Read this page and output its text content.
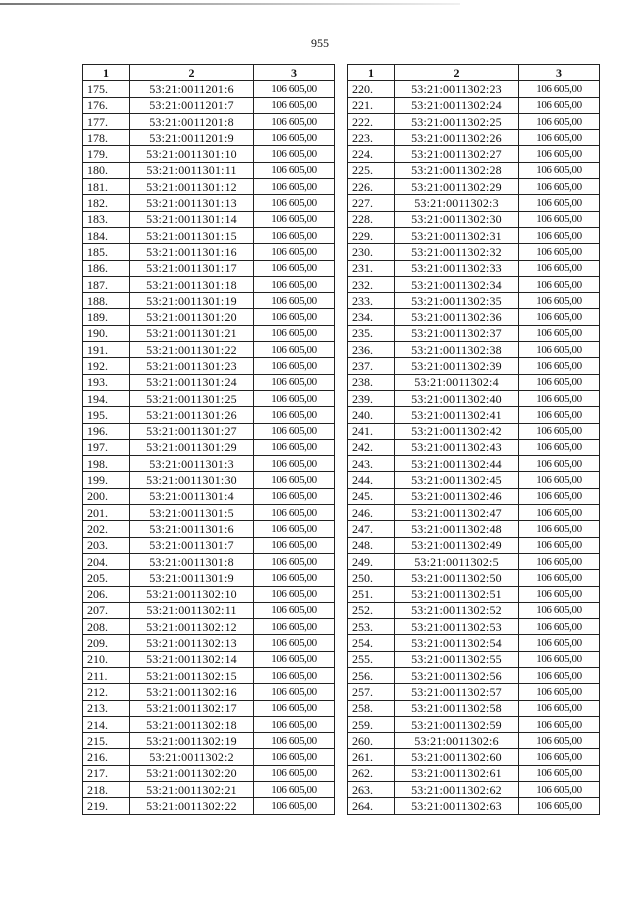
955
1	2	3
175.	53:21:0011201:6	106 605,00
176.	53:21:0011201:7	106 605,00
177.	53:21:0011201:8	106 605,00
178.	53:21:0011201:9	106 605,00
179.	53:21:0011301:10	106 605,00
180.	53:21:0011301:11	106 605,00
181.	53:21:0011301:12	106 605,00
182.	53:21:0011301:13	106 605,00
183.	53:21:0011301:14	106 605,00
184.	53:21:0011301:15	106 605,00
185.	53:21:0011301:16	106 605,00
186.	53:21:0011301:17	106 605,00
187.	53:21:0011301:18	106 605,00
188.	53:21:0011301:19	106 605,00
189.	53:21:0011301:20	106 605,00
190.	53:21:0011301:21	106 605,00
191.	53:21:0011301:22	106 605,00
192.	53:21:0011301:23	106 605,00
193.	53:21:0011301:24	106 605,00
194.	53:21:0011301:25	106 605,00
195.	53:21:0011301:26	106 605,00
196.	53:21:0011301:27	106 605,00
197.	53:21:0011301:29	106 605,00
198.	53:21:0011301:3	106 605,00
199.	53:21:0011301:30	106 605,00
200.	53:21:0011301:4	106 605,00
201.	53:21:0011301:5	106 605,00
202.	53:21:0011301:6	106 605,00
203.	53:21:0011301:7	106 605,00
204.	53:21:0011301:8	106 605,00
205.	53:21:0011301:9	106 605,00
206.	53:21:0011302:10	106 605,00
207.	53:21:0011302:11	106 605,00
208.	53:21:0011302:12	106 605,00
209.	53:21:0011302:13	106 605,00
210.	53:21:0011302:14	106 605,00
211.	53:21:0011302:15	106 605,00
212.	53:21:0011302:16	106 605,00
213.	53:21:0011302:17	106 605,00
214.	53:21:0011302:18	106 605,00
215.	53:21:0011302:19	106 605,00
216.	53:21:0011302:2	106 605,00
217.	53:21:0011302:20	106 605,00
218.	53:21:0011302:21	106 605,00
219.	53:21:0011302:22	106 605,00
1	2	3
220.	53:21:0011302:23	106 605,00
221.	53:21:0011302:24	106 605,00
222.	53:21:0011302:25	106 605,00
223.	53:21:0011302:26	106 605,00
224.	53:21:0011302:27	106 605,00
225.	53:21:0011302:28	106 605,00
226.	53:21:0011302:29	106 605,00
227.	53:21:0011302:3	106 605,00
228.	53:21:0011302:30	106 605,00
229.	53:21:0011302:31	106 605,00
230.	53:21:0011302:32	106 605,00
231.	53:21:0011302:33	106 605,00
232.	53:21:0011302:34	106 605,00
233.	53:21:0011302:35	106 605,00
234.	53:21:0011302:36	106 605,00
235.	53:21:0011302:37	106 605,00
236.	53:21:0011302:38	106 605,00
237.	53:21:0011302:39	106 605,00
238.	53:21:0011302:4	106 605,00
239.	53:21:0011302:40	106 605,00
240.	53:21:0011302:41	106 605,00
241.	53:21:0011302:42	106 605,00
242.	53:21:0011302:43	106 605,00
243.	53:21:0011302:44	106 605,00
244.	53:21:0011302:45	106 605,00
245.	53:21:0011302:46	106 605,00
246.	53:21:0011302:47	106 605,00
247.	53:21:0011302:48	106 605,00
248.	53:21:0011302:49	106 605,00
249.	53:21:0011302:5	106 605,00
250.	53:21:0011302:50	106 605,00
251.	53:21:0011302:51	106 605,00
252.	53:21:0011302:52	106 605,00
253.	53:21:0011302:53	106 605,00
254.	53:21:0011302:54	106 605,00
255.	53:21:0011302:55	106 605,00
256.	53:21:0011302:56	106 605,00
257.	53:21:0011302:57	106 605,00
258.	53:21:0011302:58	106 605,00
259.	53:21:0011302:59	106 605,00
260.	53:21:0011302:6	106 605,00
261.	53:21:0011302:60	106 605,00
262.	53:21:0011302:61	106 605,00
263.	53:21:0011302:62	106 605,00
264.	53:21:0011302:63	106 605,00
